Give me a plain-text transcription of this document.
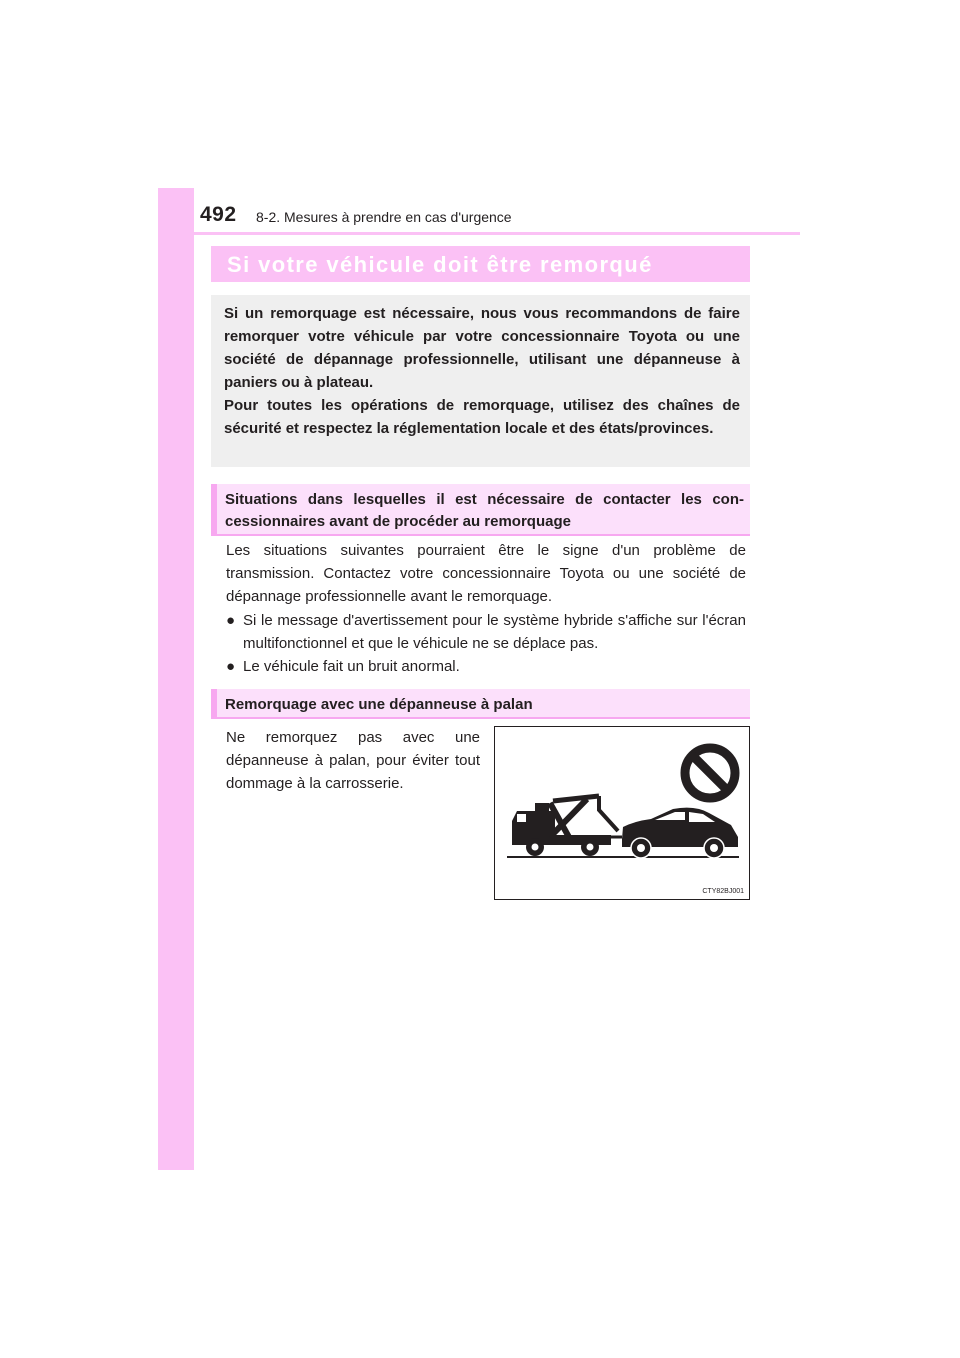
492 8-2. Mesures à prendre en cas d'urgence
Si votre véhicule doit être remorqué

Si un remorquage est nécessaire, nous vous recommandons de faire remorquer votre véhicule par votre concessionnaire Toyota ou une société de dépannage professionnelle, utilisant une dépanneuse à paniers ou à plateau.

Pour toutes les opérations de remorquage, utilisez des chaînes de sécurité et respectez la réglementation locale et des états/provinces.

Situations dans lesquelles il est nécessaire de contacter les con-cessionnaires avant de procéder au remorquage

Les situations suivantes pourraient être le signe d'un problème de transmission. Contactez votre concessionnaire Toyota ou une société de dépannage professionnelle avant le remorquage.

● Si le message d'avertissement pour le système hybride s'affiche sur l'écran multifonctionnel et que le véhicule ne se déplace pas.
● Le véhicule fait un bruit anormal.

Remorquage avec une dépanneuse à palan

Ne remorquez pas avec une dépanneuse à palan, pour éviter tout dommage à la carrosserie.

CTY82BJ001
